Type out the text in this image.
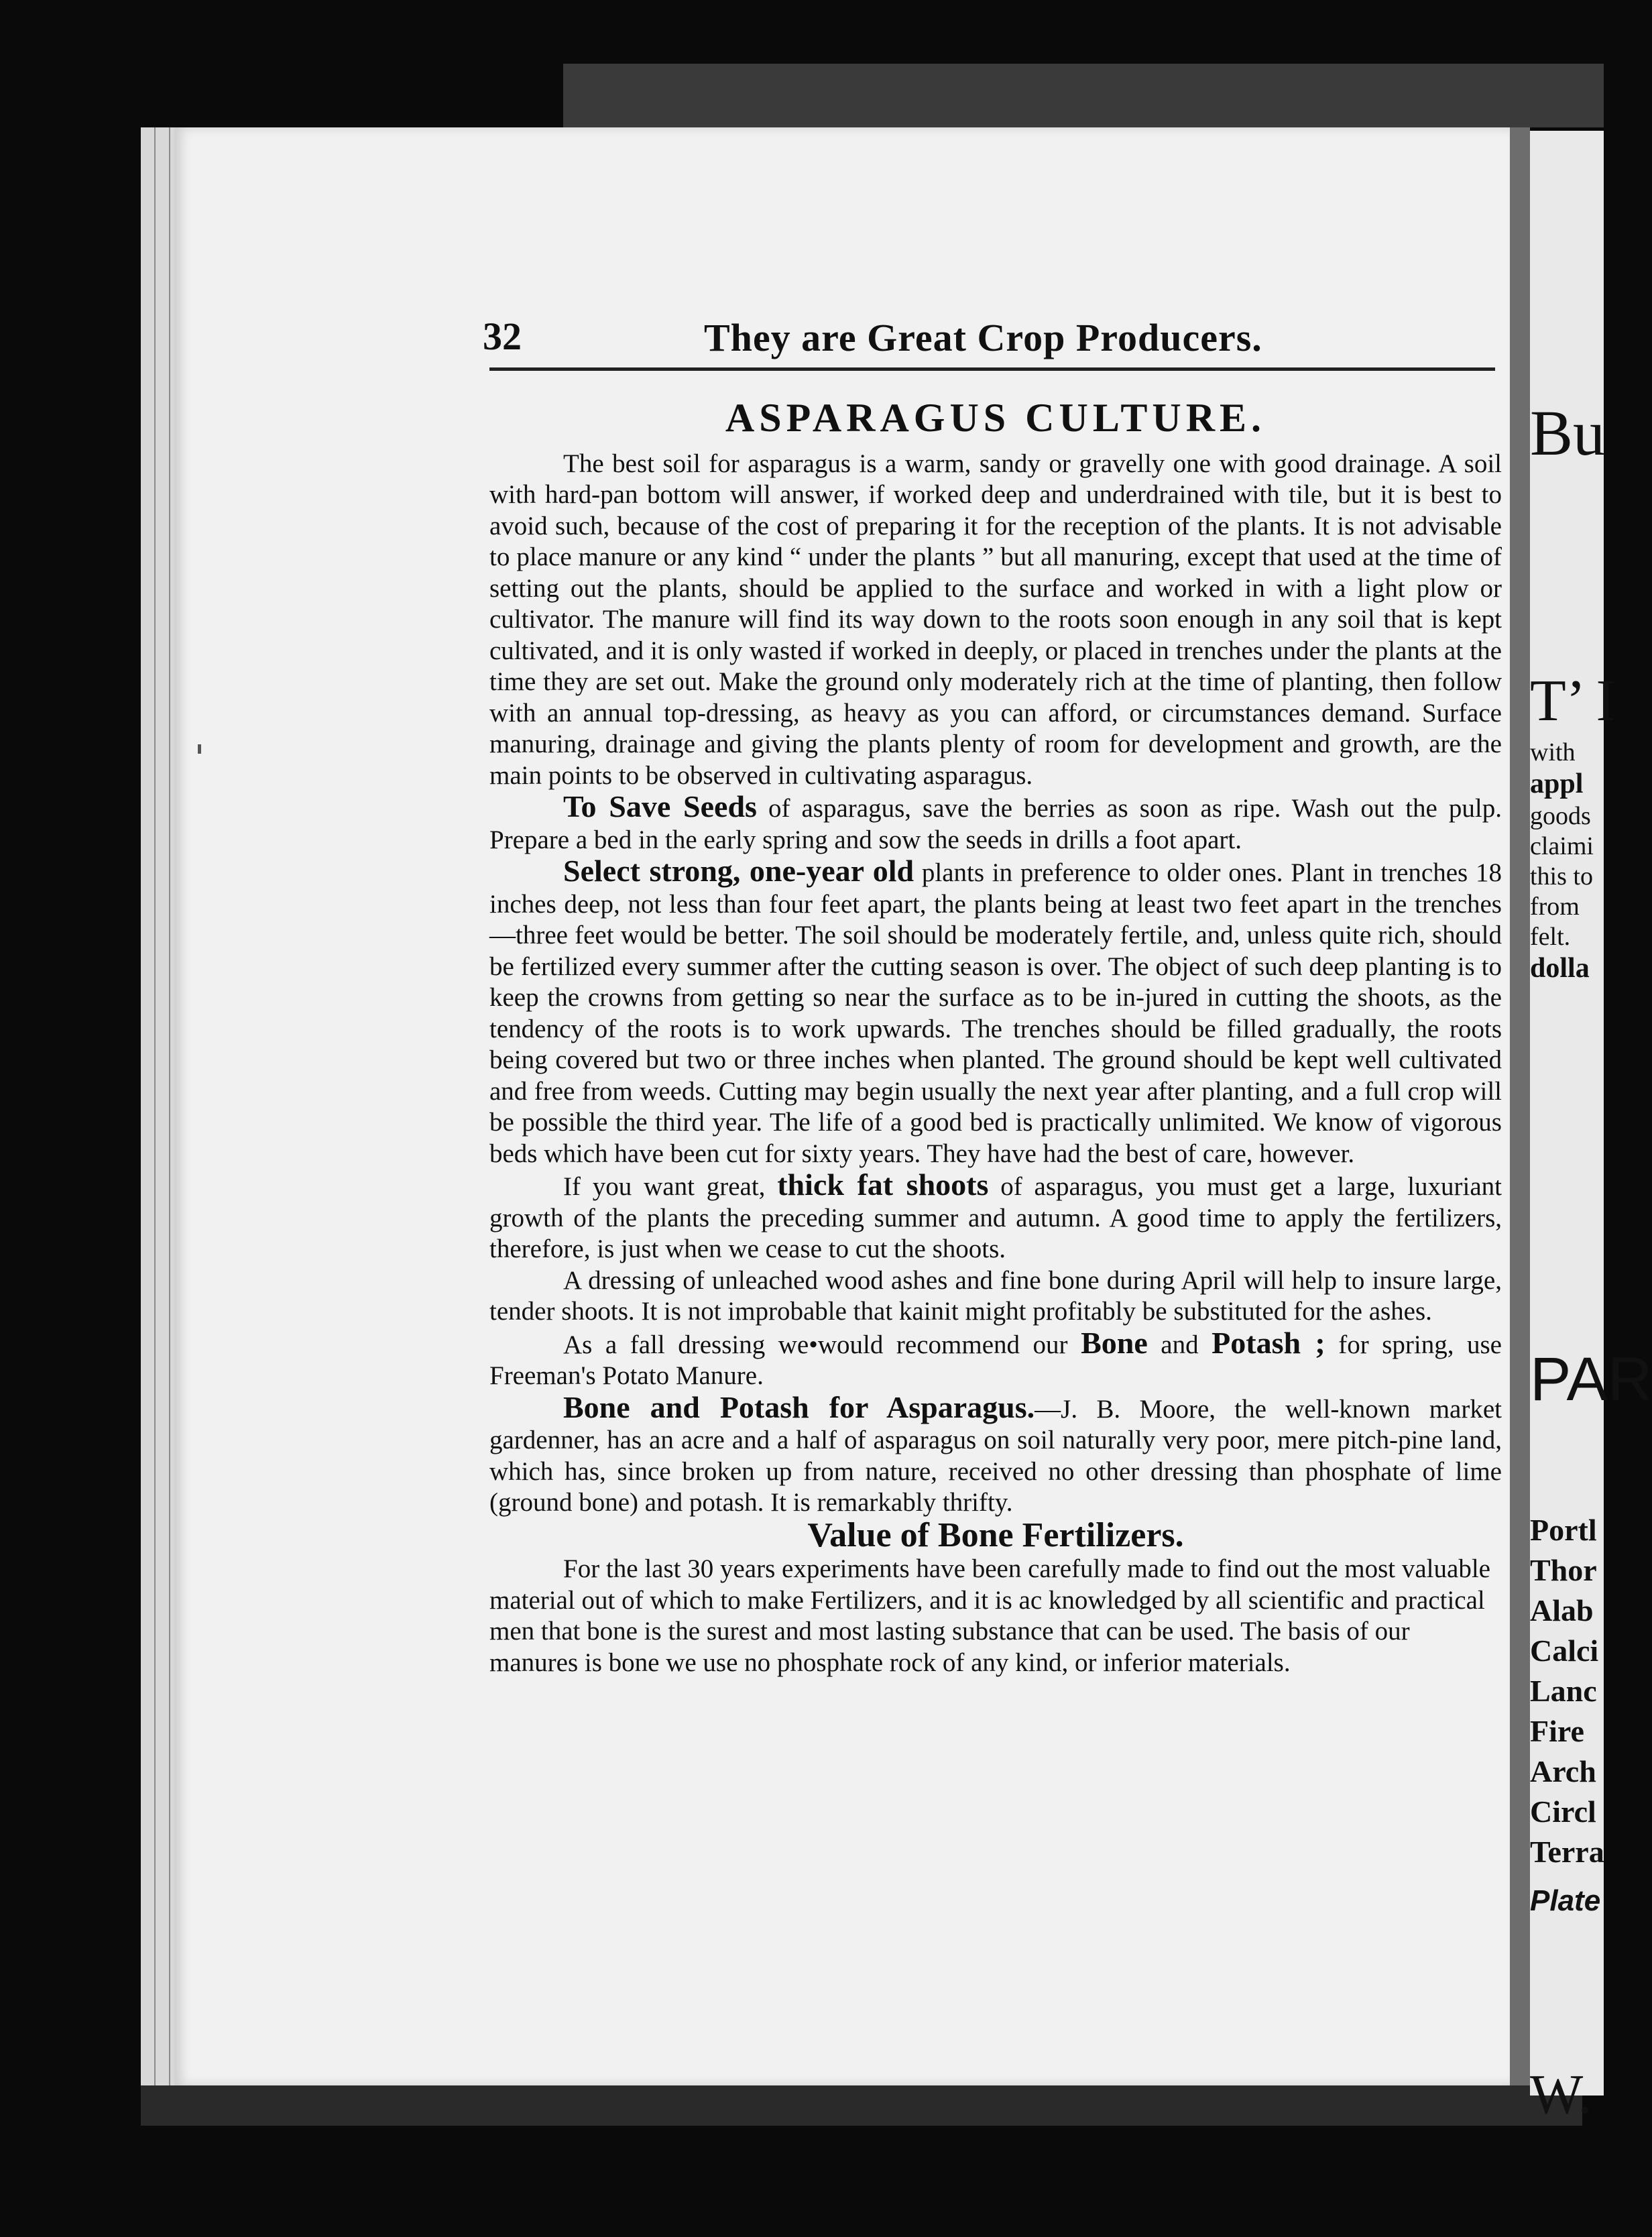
32	They are Great Crop Producers.
ASPARAGUS CULTURE.

The best soil for asparagus is a warm, sandy or gravelly one with good drainage. A soil with hard-pan bottom will answer, if worked deep and underdrained with tile, but it is best to avoid such, because of the cost of preparing it for the reception of the plants. It is not advisable to place manure or any kind “ under the plants ” but all manuring, except that used at the time of setting out the plants, should be applied to the surface and worked in with a light plow or cultivator. The manure will find its way down to the roots soon enough in any soil that is kept cultivated, and it is only wasted if worked in deeply, or placed in trenches under the plants at the time they are set out. Make the ground only moderately rich at the time of planting, then follow with an annual top-dressing, as heavy as you can afford, or circumstances demand. Surface manuring, drainage and giving the plants plenty of room for development and growth, are the main points to be observed in cultivating asparagus.

To Save Seeds of asparagus, save the berries as soon as ripe. Wash out the pulp. Prepare a bed in the early spring and sow the seeds in drills a foot apart.

Select strong, one-year old plants in preference to older ones. Plant in trenches 18 inches deep, not less than four feet apart, the plants being at least two feet apart in the trenches—three feet would be better. The soil should be moderately fertile, and, unless quite rich, should be fertilized every summer after the cutting season is over. The object of such deep planting is to keep the crowns from getting so near the surface as to be in-jured in cutting the shoots, as the tendency of the roots is to work upwards. The trenches should be filled gradually, the roots being covered but two or three inches when planted. The ground should be kept well cultivated and free from weeds. Cutting may begin usually the next year after planting, and a full crop will be possible the third year. The life of a good bed is practically unlimited. We know of vigorous beds which have been cut for sixty years. They have had the best of care, however.

If you want great, thick fat shoots of asparagus, you must get a large, luxuriant growth of the plants the preceding summer and autumn. A good time to apply the fertilizers, therefore, is just when we cease to cut the shoots.

A dressing of unleached wood ashes and fine bone during April will help to insure large, tender shoots. It is not improbable that kainit might profitably be substituted for the ashes.

As a fall dressing we•would recommend our Bone and Potash ; for spring, use Freeman's Potato Manure.

Bone and Potash for Asparagus.—J. B. Moore, the well-known market gardenner, has an acre and a half of asparagus on soil naturally very poor, mere pitch-pine land, which has, since broken up from nature, received no other dressing than phosphate of lime (ground bone) and potash. It is remarkably thrifty.

Value of Bone Fertilizers.

For the last 30 years experiments have been carefully made to find out the most valuable material out of which to make Fertilizers, and it is ac knowledged by all scientific and practical men that bone is the surest and most lasting substance that can be used. The basis of our manures is bone we use no phosphate rock of any kind, or inferior materials.

Bu
T’ I
with
appl
goods
claimi
this to
from
felt.
dolla
PAR
Portl
Thor
Alab
Calci
Lanc
Fire
Arch
Circl
Terra
Plate
W.
